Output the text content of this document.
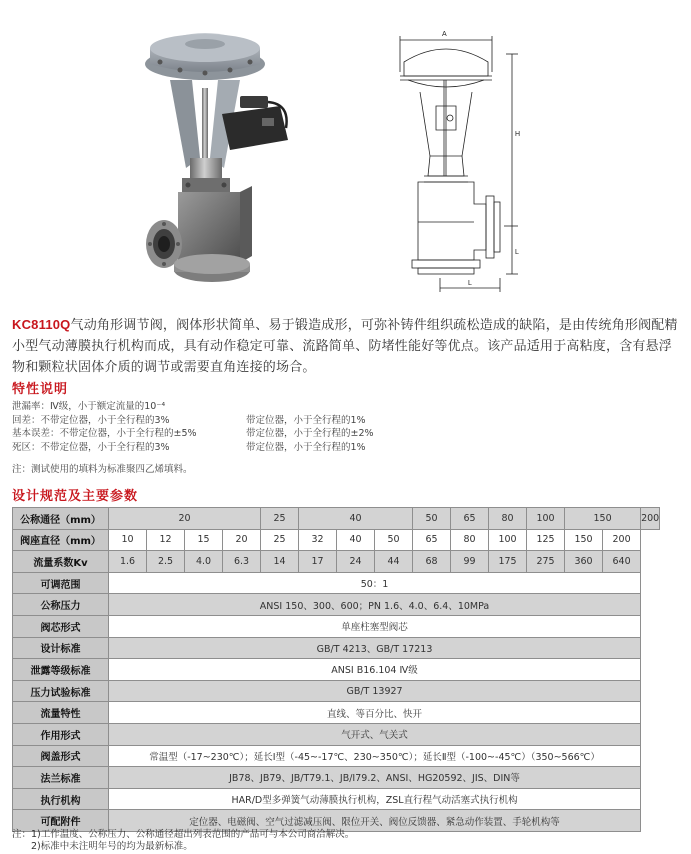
A
H
L
L
KC8110Q气动角形调节阀，阀体形状简单、易于锻造成形，可弥补铸件组织疏松造成的缺陷，是由传统角形阀配精小型气动薄膜执行机构而成，具有动作稳定可靠、流路简单、防堵性能好等优点。该产品适用于高粘度，含有悬浮物和颗粒状固体介质的调节或需要直角连接的场合。
特性说明
泄漏率：Ⅳ级，小于额定流量的10⁻⁴
回差：不带定位器，小于全行程的3%	带定位器，小于全行程的1%
基本误差：不带定位器，小于全行程的±5%	带定位器，小于全行程的±2%
死区：不带定位器，小于全行程的3%	带定位器，小于全行程的1%
注：测试使用的填料为标准聚四乙烯填料。
设计规范及主要参数
公称通径（mm）	20				25	40			50	65	80	100	150		200
阀座直径（mm）	10	12	15	20	25	32	40	50	65	80	100	125	150	200	
流量系数Kv	1.6	2.5	4.0	6.3	14	17	24	44	68	99	175	275	360	640	
可调范围	50：1														
公称压力	ANSI 150、300、600；PN 1.6、4.0、6.4、10MPa														
阀芯形式	单座柱塞型阀芯														
设计标准	GB/T 4213、GB/T 17213														
泄露等级标准	ANSI B16.104 Ⅳ级														
压力试验标准	GB/T 13927														
流量特性	直线、等百分比、快开														
作用形式	气开式、气关式														
阀盖形式	常温型（-17~230℃）；延长Ⅰ型（-45~-17℃、230~350℃）；延长Ⅱ型（-100~-45℃）（350~566℃）														
法兰标准	JB78、JB79、JB/T79.1、JB/I79.2、ANSI、HG20592、JIS、DIN等														
执行机构	HAR/D型多弹簧气动薄膜执行机构，ZSL直行程气动活塞式执行机构														
可配附件	定位器、电磁阀、空气过滤减压阀、限位开关、阀位反馈器、紧急动作装置、手轮机构等														
注：1)工作温度、公称压力、公称通径超出列表范围的产品可与本公司商洽解决。
　　2)标准中未注明年号的均为最新标准。
